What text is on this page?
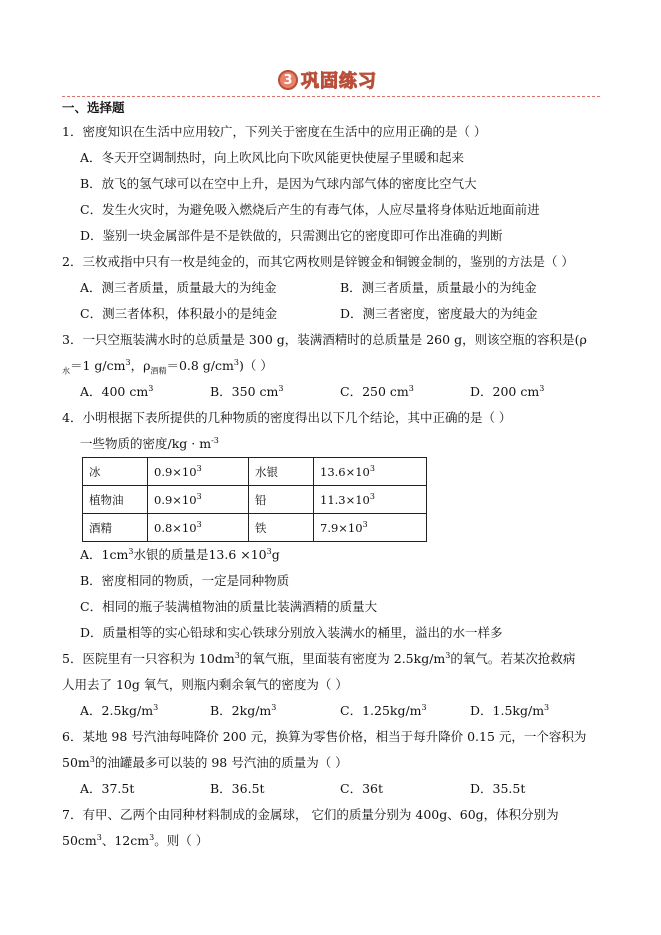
3 巩固练习
一、选择题
1．密度知识在生活中应用较广，下列关于密度在生活中的应用正确的是（ ）
A．冬天开空调制热时，向上吹风比向下吹风能更快使屋子里暖和起来
B．放飞的氢气球可以在空中上升，是因为气球内部气体的密度比空气大
C．发生火灾时，为避免吸入燃烧后产生的有毒气体，人应尽量将身体贴近地面前进
D．鉴别一块金属部件是不是铁做的，只需测出它的密度即可作出准确的判断
2．三枚戒指中只有一枚是纯金的，而其它两枚则是锌镀金和铜镀金制的，鉴别的方法是（ ）
A．测三者质量，质量最大的为纯金	B．测三者质量，质量最小的为纯金
C．测三者体积，体积最小的是纯金	D．测三者密度，密度最大的为纯金
3．一只空瓶装满水时的总质量是 300 g，装满酒精时的总质量是 260 g，则该空瓶的容积是(ρ
$_水$＝1 $g/cm^3$，$\rho_{酒精}=0.8$ $g/cm^3$)（ ）
A．400 $cm^3$	B．350 $cm^3$	C．250 $cm^3$	D．200 $cm^3$
4．小明根据下表所提供的几种物质的密度得出以下几个结论，其中正确的是（ ）
一些物质的密度$/kg \cdot m^{-3}$
冰	$0.9\times 10^3$	水银	$13.6\times 10^3$
植物油	$0.9\times 10^3$	铅	$11.3\times 10^3$
酒精	$0.8\times 10^3$	铁	$7.9\times 10^3$
A．$1cm^3$水银的质量是$13.6 \times 10^3g$
B．密度相同的物质，一定是同种物质
C．相同的瓶子装满植物油的质量比装满酒精的质量大
D．质量相等的实心铅球和实心铁球分别放入装满水的桶里，溢出的水一样多
5．医院里有一只容积为 $10dm^3$的氧气瓶，里面装有密度为 $2.5kg/m^3$的氧气。若某次抢救病
人用去了 10g 氧气，则瓶内剩余氧气的密度为（ ）
A．$2.5kg/m^3$	B．$2kg/m^3$	C．$1.25kg/m^3$	D．$1.5kg/m^3$
6．某地 98 号汽油每吨降价 200 元，换算为零售价格，相当于每升降价 0.15 元，一个容积为
$50m^3$的油罐最多可以装的 98 号汽油的质量为（ ）
A．37.5t	B．36.5t	C．36t	D．35.5t
7．有甲、乙两个由同种材料制成的金属球， 它们的质量分别为 400g、60g，体积分别为
$50cm^3$、$12cm^3$。则（ ）
